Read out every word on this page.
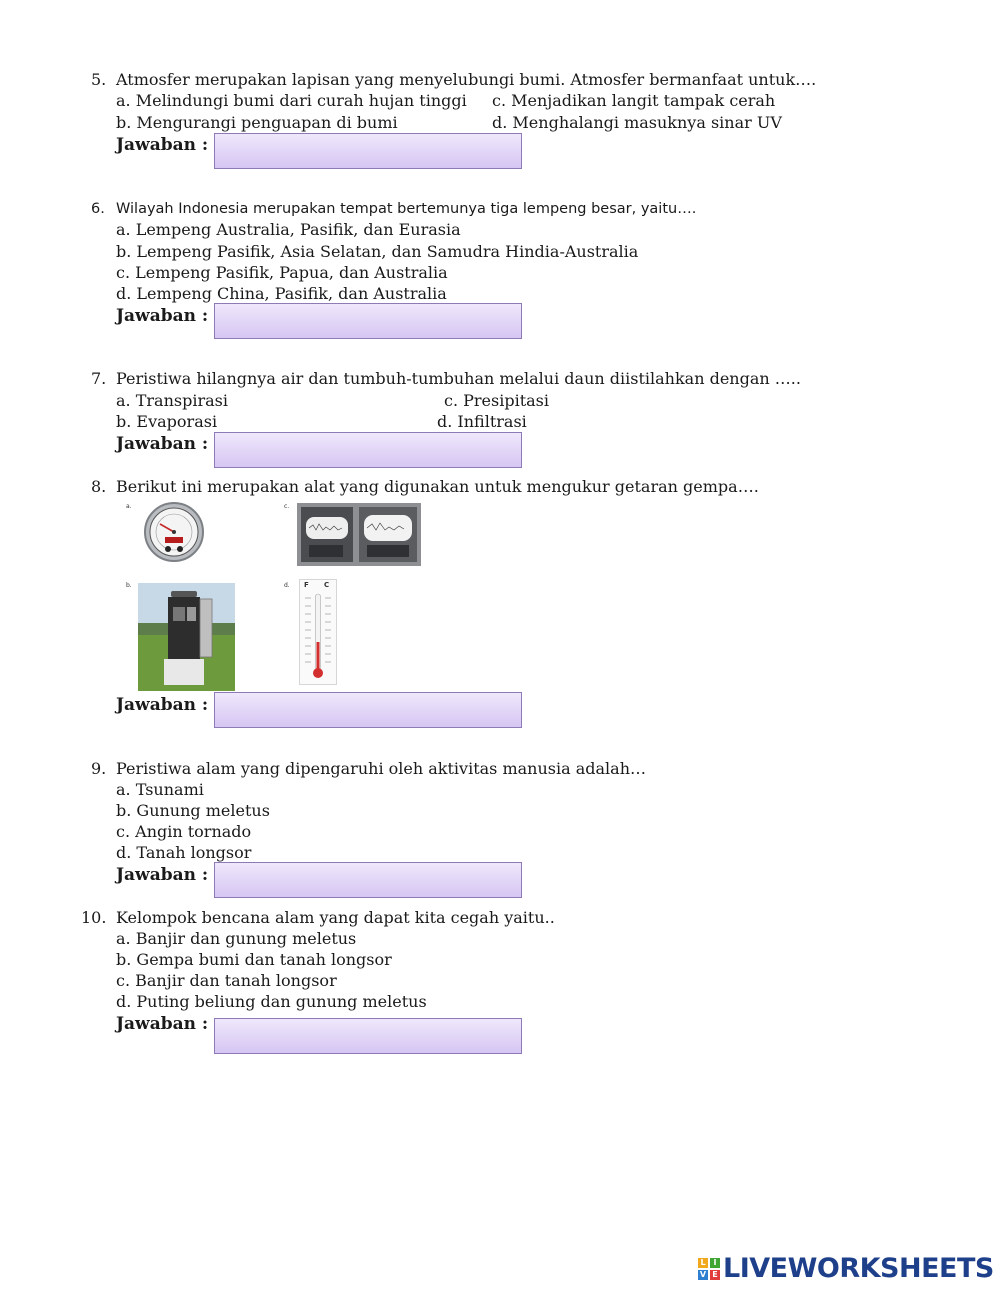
5. Atmosfer merupakan lapisan yang menyelubungi bumi. Atmosfer bermanfaat untuk….
a. Melindungi bumi dari curah hujan tinggi c. Menjadikan langit tampak cerah
b. Mengurangi penguapan di bumi	d. Menghalangi masuknya sinar UV
Jawaban :
6. Wilayah Indonesia merupakan tempat bertemunya tiga lempeng besar, yaitu….
a. Lempeng Australia, Pasifik, dan Eurasia
b. Lempeng Pasifik, Asia Selatan, dan Samudra Hindia-Australia
c. Lempeng Pasifik, Papua, dan Australia
d. Lempeng China, Pasifik, dan Australia
Jawaban :
7. Peristiwa hilangnya air dan tumbuh-tumbuhan melalui daun diistilahkan dengan …..
a. Transpirasi	c. Presipitasi
b. Evaporasi	d. Infiltrasi
Jawaban :
8. Berikut ini merupakan alat yang digunakan untuk mengukur getaran gempa….
a.	c.
b.	d. F C
Jawaban :
9. Peristiwa alam yang dipengaruhi oleh aktivitas manusia adalah…
a. Tsunami
b. Gunung meletus
c. Angin tornado
d. Tanah longsor
Jawaban :
10. Kelompok bencana alam yang dapat kita cegah yaitu..
a. Banjir dan gunung meletus
b. Gempa bumi dan tanah longsor
c. Banjir dan tanah longsor
d. Puting beliung dan gunung meletus
Jawaban :
L I
V E LIVEWORKSHEETS
